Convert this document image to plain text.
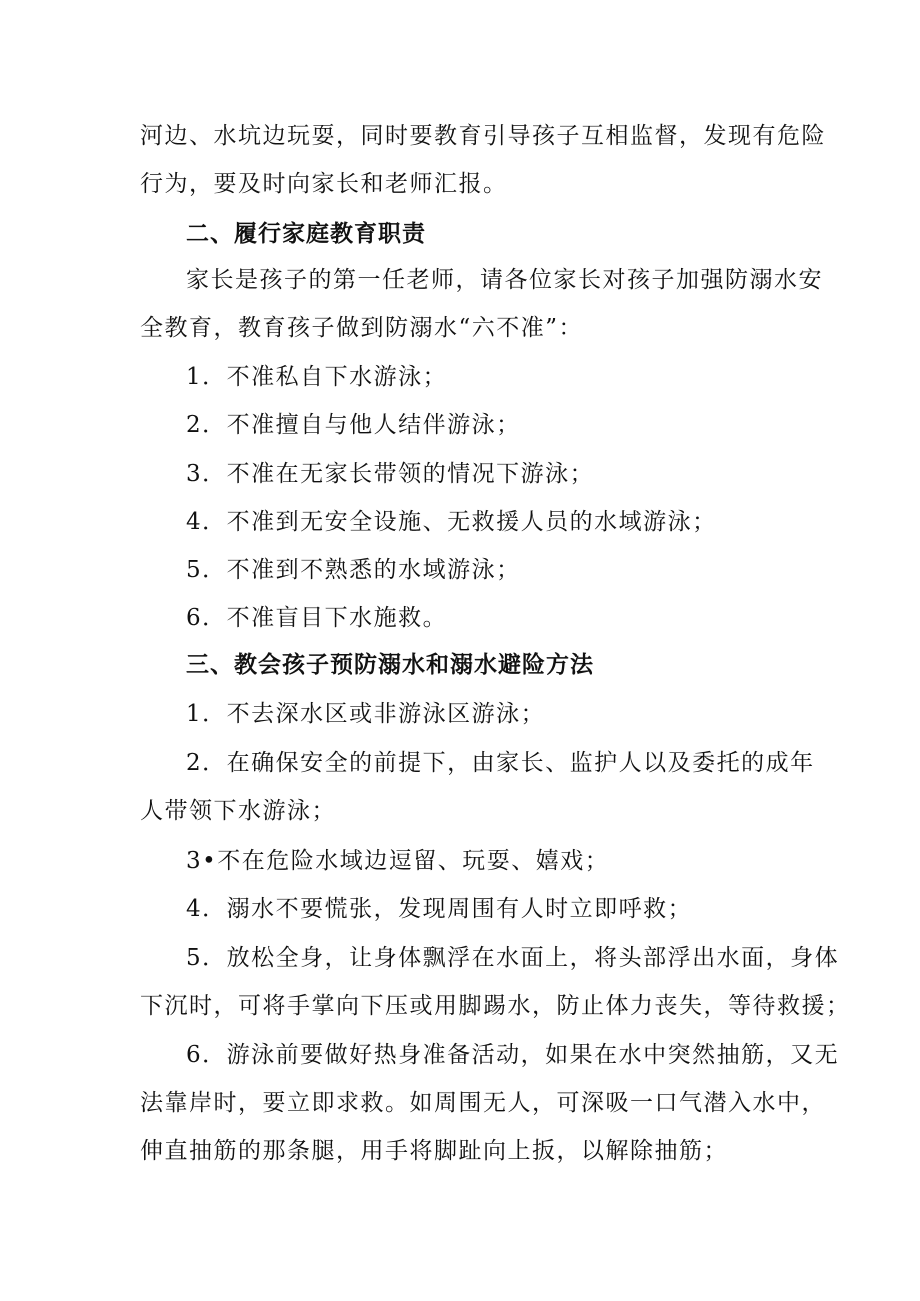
河边、水坑边玩耍，同时要教育引导孩子互相监督，发现有危险

行为，要及时向家长和老师汇报。

二、履行家庭教育职责

家长是孩子的第一任老师，请各位家长对孩子加强防溺水安

全教育，教育孩子做到防溺水“六不准”：

1．不准私自下水游泳；

2．不准擅自与他人结伴游泳；

3．不准在无家长带领的情况下游泳；

4．不准到无安全设施、无救援人员的水域游泳；

5．不准到不熟悉的水域游泳；

6．不准盲目下水施救。

三、教会孩子预防溺水和溺水避险方法

1．不去深水区或非游泳区游泳；

2．在确保安全的前提下，由家长、监护人以及委托的成年

人带领下水游泳；

3•不在危险水域边逗留、玩耍、嬉戏；

4．溺水不要慌张，发现周围有人时立即呼救；

5．放松全身，让身体飘浮在水面上，将头部浮出水面，身体

下沉时，可将手掌向下压或用脚踢水，防止体力丧失，等待救援；

6．游泳前要做好热身准备活动，如果在水中突然抽筋，又无

法靠岸时，要立即求救。如周围无人，可深吸一口气潜入水中，

伸直抽筋的那条腿，用手将脚趾向上扳，以解除抽筋；
